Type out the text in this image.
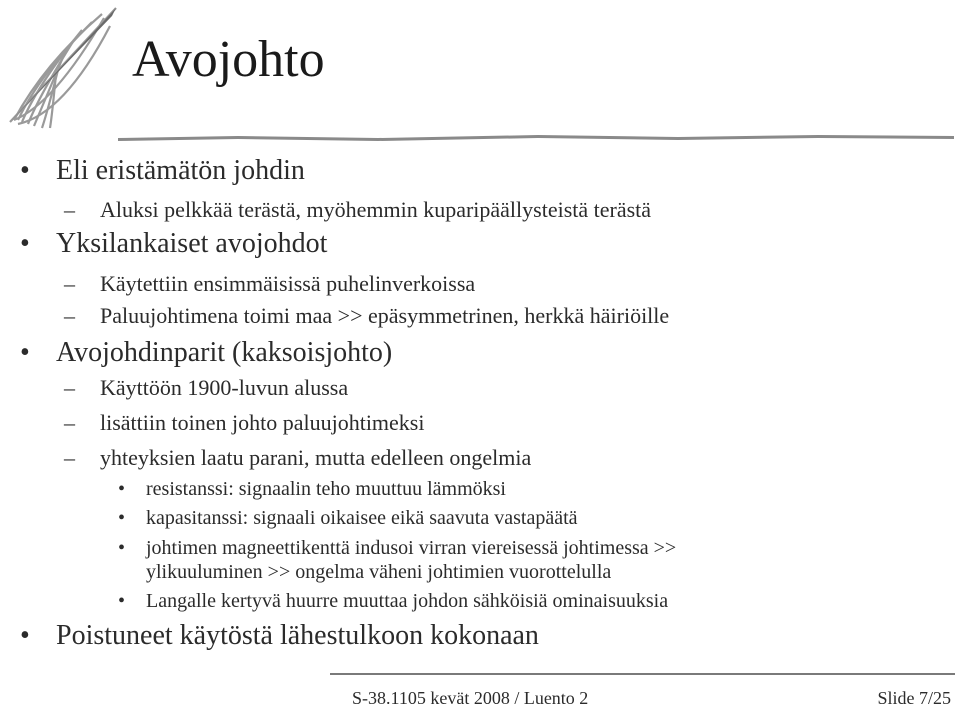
Avojohto
• Eli eristämätön johdin
– Aluksi pelkkää terästä, myöhemmin kuparipäällysteistä terästä
• Yksilankaiset avojohdot
– Käytettiin ensimmäisissä puhelinverkoissa
– Paluujohtimena toimi maa >> epäsymmetrinen, herkkä häiriöille
• Avojohdinparit (kaksoisjohto)
– Käyttöön 1900-luvun alussa
– lisättiin toinen johto paluujohtimeksi
– yhteyksien laatu parani, mutta edelleen ongelmia
• resistanssi: signaalin teho muuttuu lämmöksi
• kapasitanssi: signaali oikaisee eikä saavuta vastapäätä
• johtimen magneettikenttä indusoi virran viereisessä johtimessa >>
ylikuuluminen >> ongelma väheni johtimien vuorottelulla
• Langalle kertyvä huurre muuttaa johdon sähköisiä ominaisuuksia
• Poistuneet käytöstä lähestulkoon kokonaan
S-38.1105 kevät 2008 / Luento 2	Slide 7/25
